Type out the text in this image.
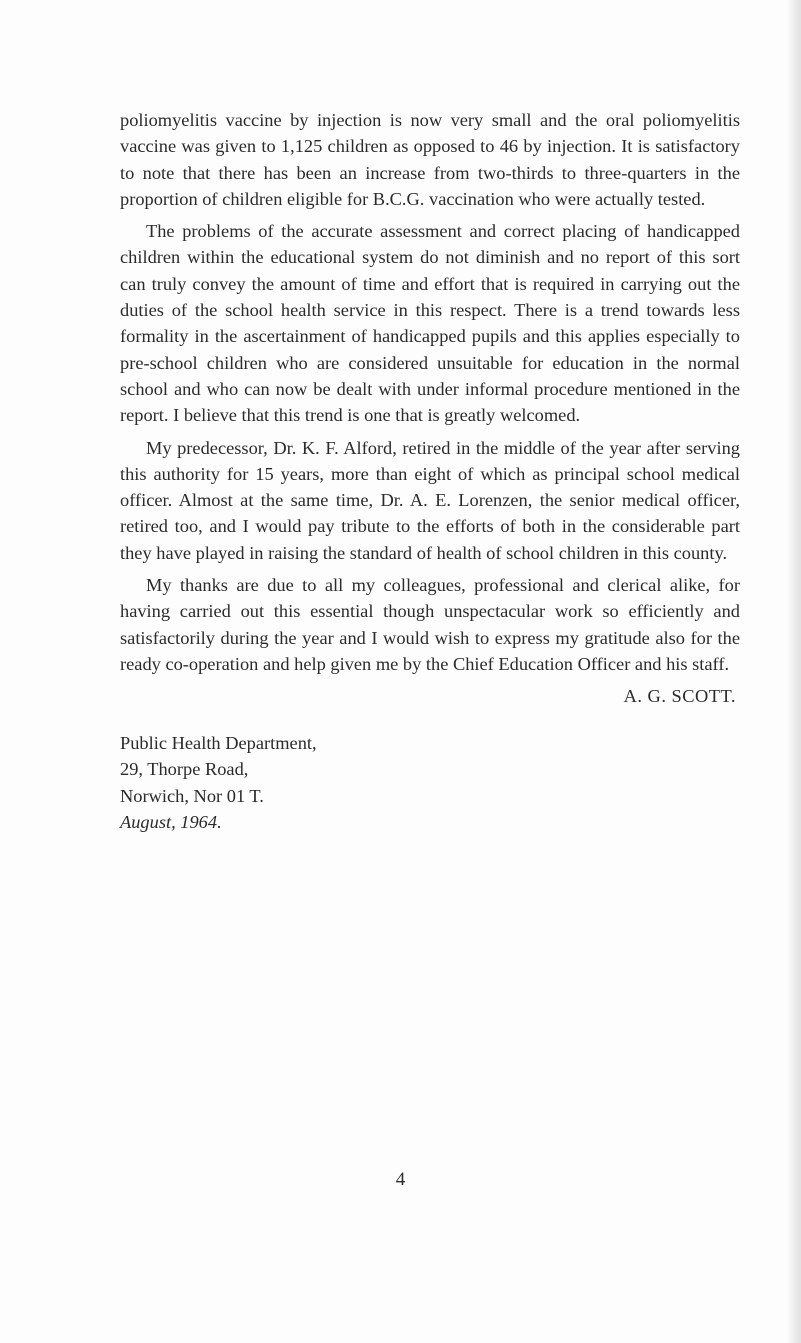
poliomyelitis vaccine by injection is now very small and the oral poliomyelitis vaccine was given to 1,125 children as opposed to 46 by injection. It is satisfactory to note that there has been an increase from two-thirds to three-quarters in the proportion of children eligible for B.C.G. vaccination who were actually tested.

The problems of the accurate assessment and correct placing of handicapped children within the educational system do not diminish and no report of this sort can truly convey the amount of time and effort that is required in carrying out the duties of the school health service in this respect. There is a trend towards less formality in the ascertainment of handicapped pupils and this applies especially to pre-school children who are considered unsuitable for education in the normal school and who can now be dealt with under informal procedure mentioned in the report. I believe that this trend is one that is greatly welcomed.

My predecessor, Dr. K. F. Alford, retired in the middle of the year after serving this authority for 15 years, more than eight of which as principal school medical officer. Almost at the same time, Dr. A. E. Lorenzen, the senior medical officer, retired too, and I would pay tribute to the efforts of both in the considerable part they have played in raising the standard of health of school children in this county.

My thanks are due to all my colleagues, professional and clerical alike, for having carried out this essential though unspectacular work so efficiently and satisfactorily during the year and I would wish to express my gratitude also for the ready co-operation and help given me by the Chief Education Officer and his staff.

A. G. SCOTT.

Public Health Department,
29, Thorpe Road,
Norwich, Nor 01 T.
August, 1964.
4
